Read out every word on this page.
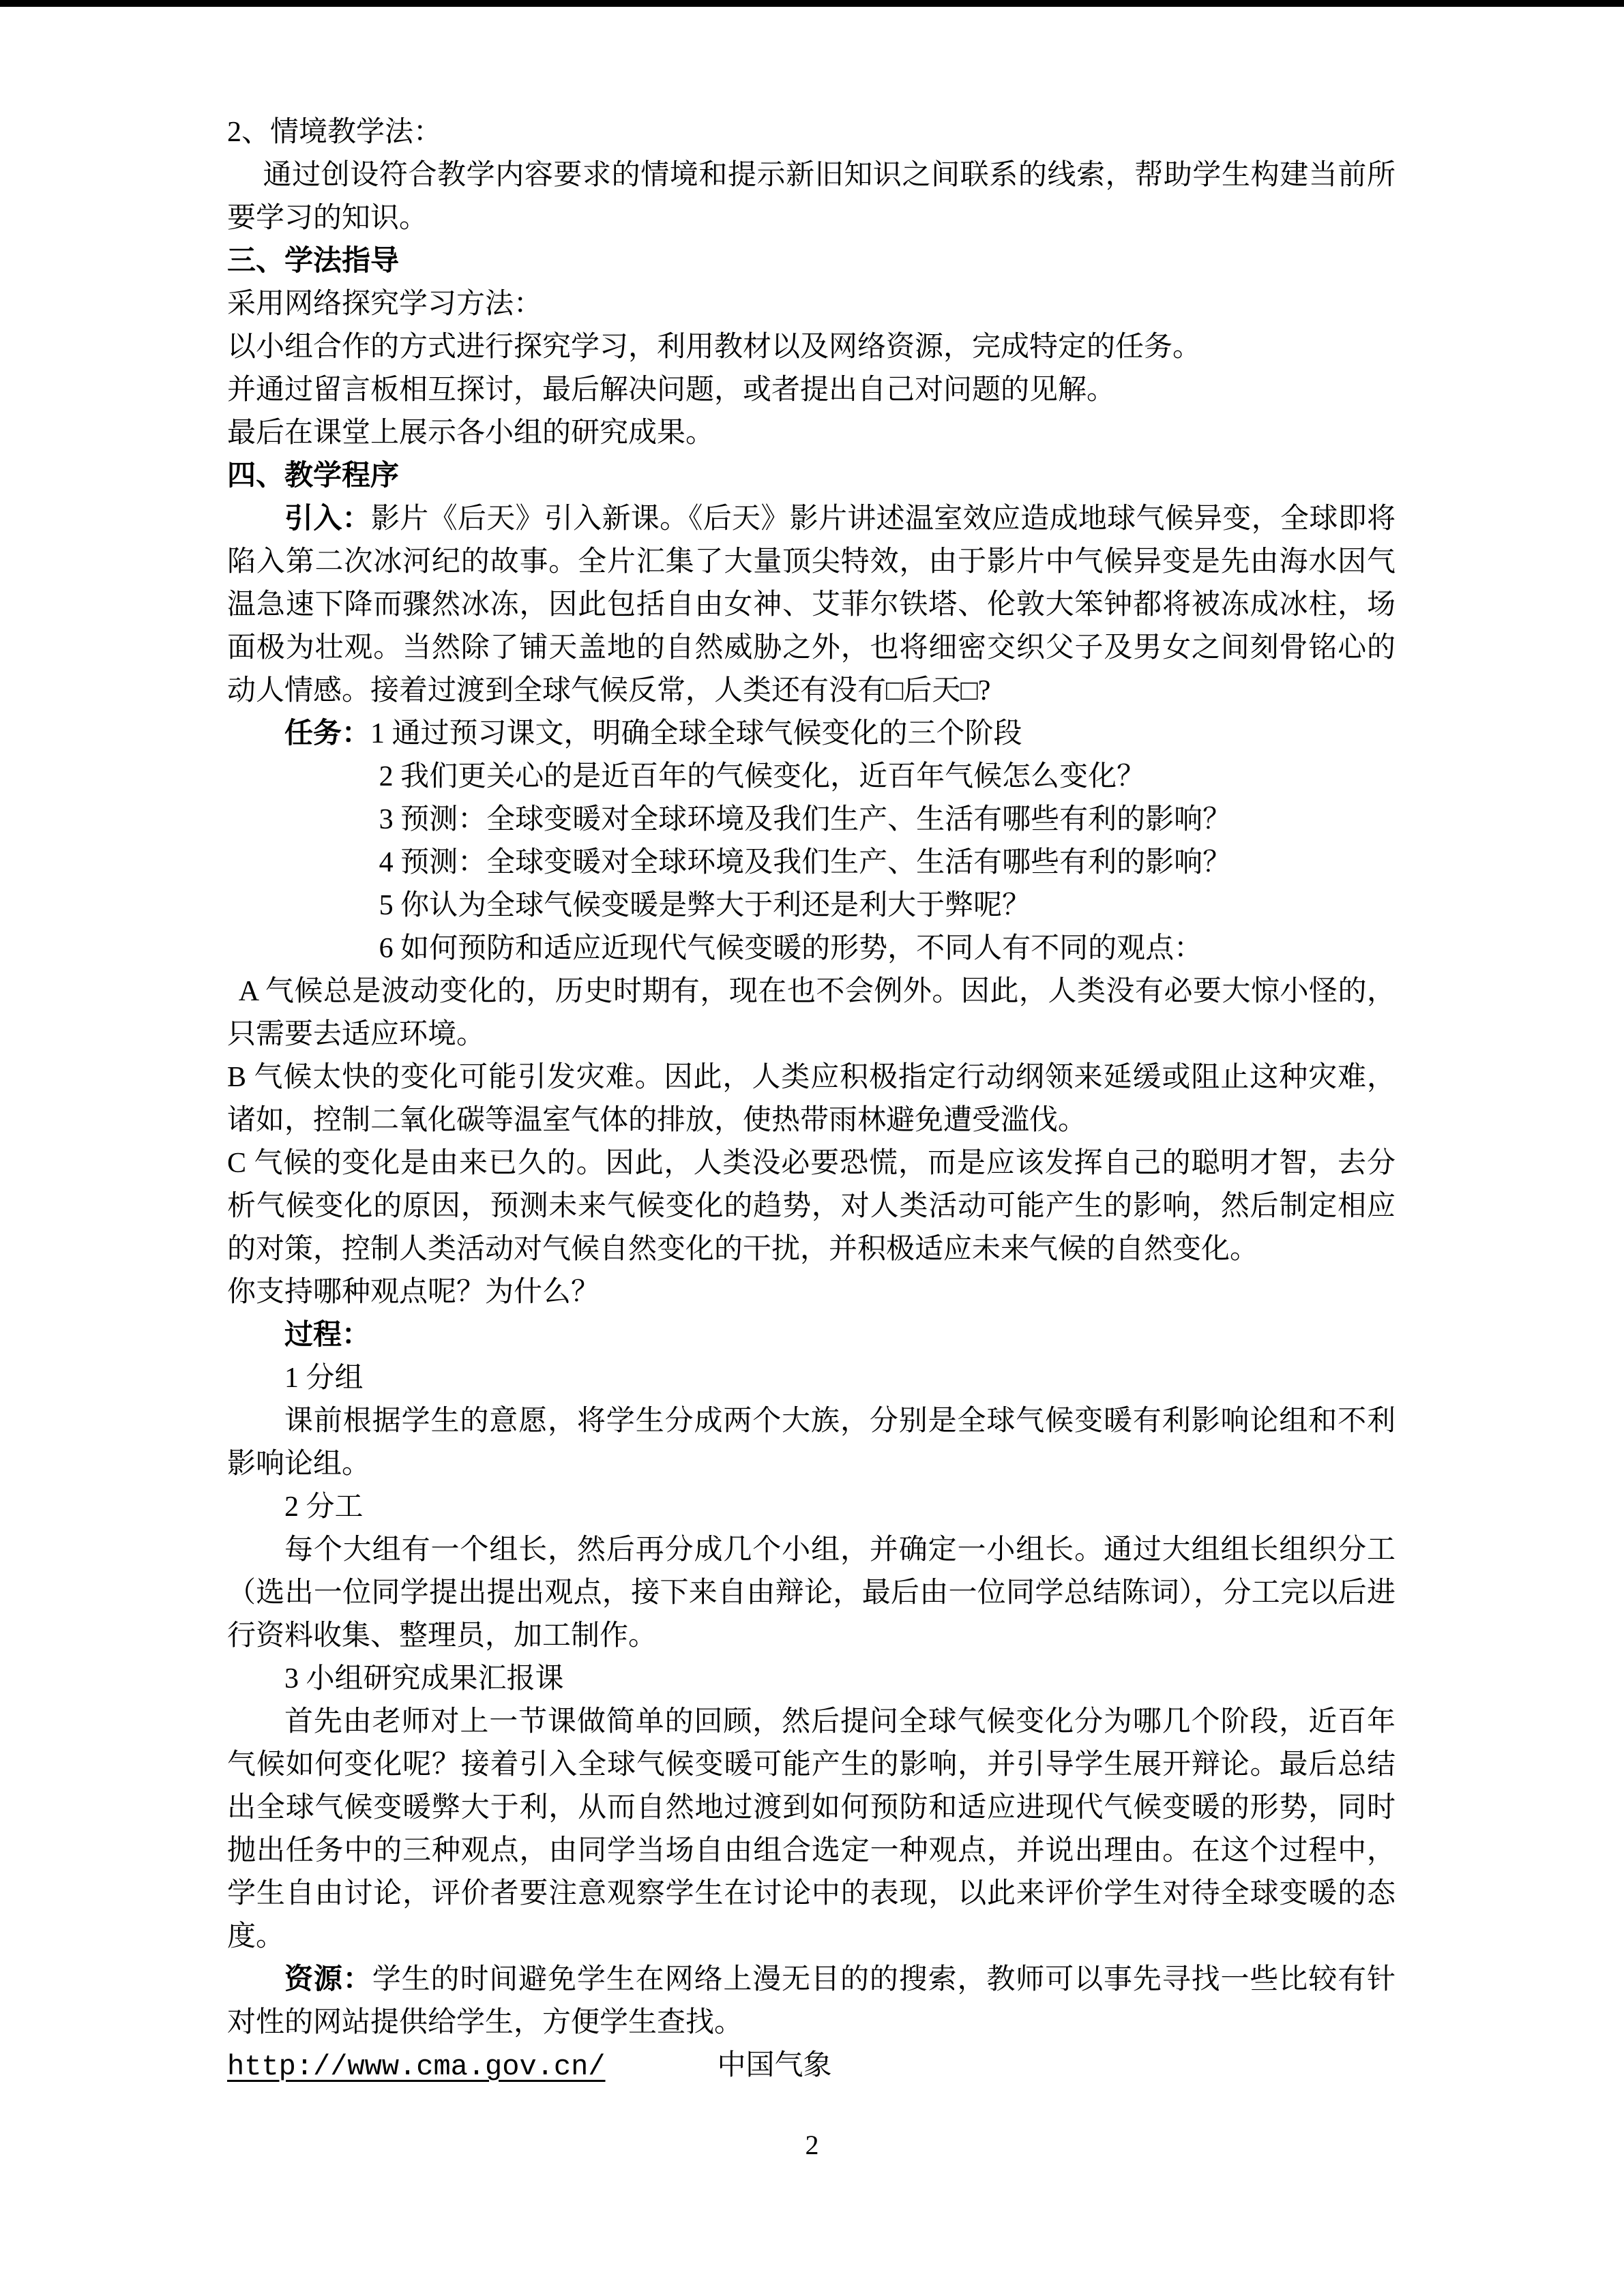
2、情境教学法：

通过创设符合教学内容要求的情境和提示新旧知识之间联系的线索，帮助学生构建当前所要学习的知识。

三、学法指导

采用网络探究学习方法：

以小组合作的方式进行探究学习，利用教材以及网络资源，完成特定的任务。

并通过留言板相互探讨，最后解决问题，或者提出自己对问题的见解。

最后在课堂上展示各小组的研究成果。

四、教学程序

引入：影片《后天》引入新课。《后天》影片讲述温室效应造成地球气候异变，全球即将陷入第二次冰河纪的故事。全片汇集了大量顶尖特效，由于影片中气候异变是先由海水因气温急速下降而骤然冰冻，因此包括自由女神、艾菲尔铁塔、伦敦大笨钟都将被冻成冰柱，场面极为壮观。当然除了铺天盖地的自然威胁之外，也将细密交织父子及男女之间刻骨铭心的动人情感。接着过渡到全球气候反常，人类还有没有□后天□?

任务：1 通过预习课文，明确全球全球气候变化的三个阶段

2 我们更关心的是近百年的气候变化，近百年气候怎么变化？

3 预测：全球变暖对全球环境及我们生产、生活有哪些有利的影响？

4 预测：全球变暖对全球环境及我们生产、生活有哪些有利的影响？

5 你认为全球气候变暖是弊大于利还是利大于弊呢？

6 如何预防和适应近现代气候变暖的形势，不同人有不同的观点：

A 气候总是波动变化的，历史时期有，现在也不会例外。因此，人类没有必要大惊小怪的，只需要去适应环境。

B 气候太快的变化可能引发灾难。因此，人类应积极指定行动纲领来延缓或阻止这种灾难，诸如，控制二氧化碳等温室气体的排放，使热带雨林避免遭受滥伐。

C 气候的变化是由来已久的。因此，人类没必要恐慌，而是应该发挥自己的聪明才智，去分析气候变化的原因，预测未来气候变化的趋势，对人类活动可能产生的影响，然后制定相应的对策，控制人类活动对气候自然变化的干扰，并积极适应未来气候的自然变化。

你支持哪种观点呢？为什么？

过程：

1 分组

课前根据学生的意愿，将学生分成两个大族，分别是全球气候变暖有利影响论组和不利影响论组。

2 分工

每个大组有一个组长，然后再分成几个小组，并确定一小组长。通过大组组长组织分工（选出一位同学提出提出观点，接下来自由辩论，最后由一位同学总结陈词），分工完以后进行资料收集、整理员，加工制作。

3 小组研究成果汇报课

首先由老师对上一节课做简单的回顾，然后提问全球气候变化分为哪几个阶段，近百年气候如何变化呢？接着引入全球气候变暖可能产生的影响，并引导学生展开辩论。最后总结出全球气候变暖弊大于利，从而自然地过渡到如何预防和适应进现代气候变暖的形势，同时抛出任务中的三种观点，由同学当场自由组合选定一种观点，并说出理由。在这个过程中，学生自由讨论，评价者要注意观察学生在讨论中的表现，以此来评价学生对待全球变暖的态度。

资源：学生的时间避免学生在网络上漫无目的的搜索，教师可以事先寻找一些比较有针对性的网站提供给学生，方便学生查找。

http://www.cma.gov.cn/	中国气象

2
